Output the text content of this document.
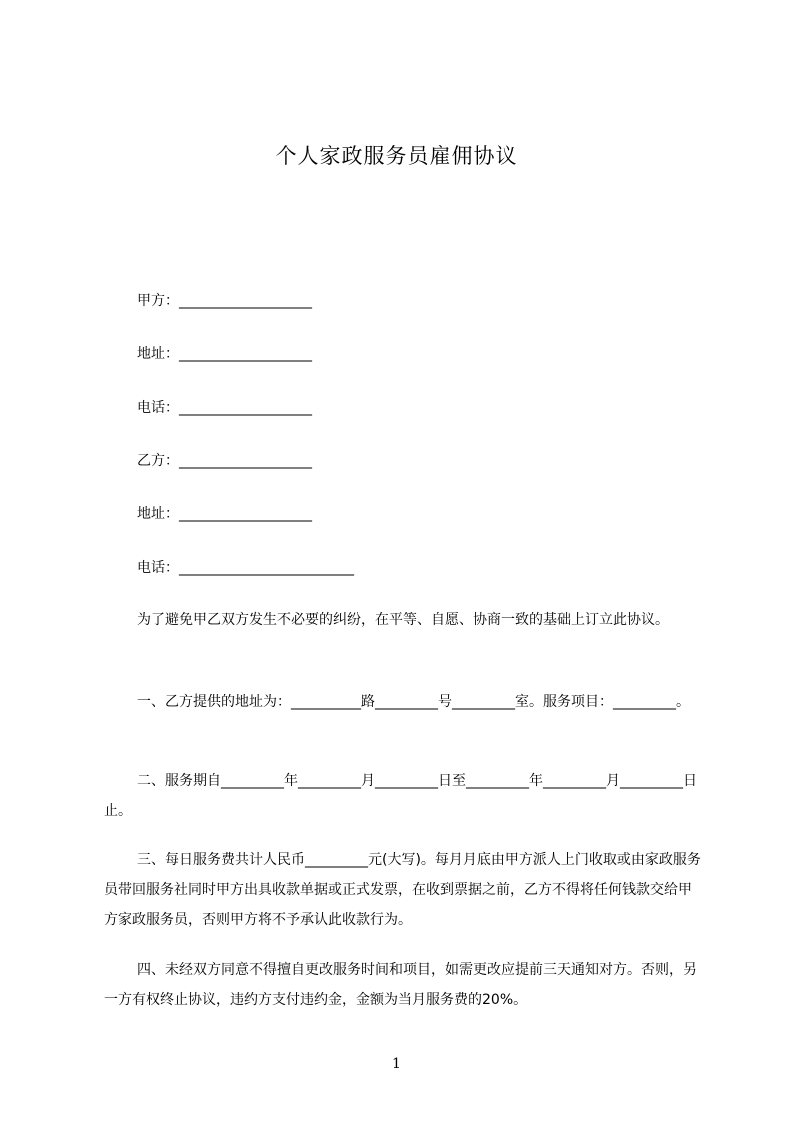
个人家政服务员雇佣协议
甲方：___________________
地址：___________________
电话：___________________
乙方：___________________
地址：___________________
电话：_________________________
为了避免甲乙双方发生不必要的纠纷，在平等、自愿、协商一致的基础上订立此协议。
一、乙方提供的地址为：__________路_________号_________室。服务项目：_________。
二、服务期自_________年_________月_________日至_________年_________月_________日止。
三、每日服务费共计人民币_________元(大写)。每月月底由甲方派人上门收取或由家政服务员带回服务社同时甲方出具收款单据或正式发票，在收到票据之前，乙方不得将任何钱款交给甲方家政服务员，否则甲方将不予承认此收款行为。
四、未经双方同意不得擅自更改服务时间和项目，如需更改应提前三天通知对方。否则，另一方有权终止协议，违约方支付违约金，金额为当月服务费的20%。
1
